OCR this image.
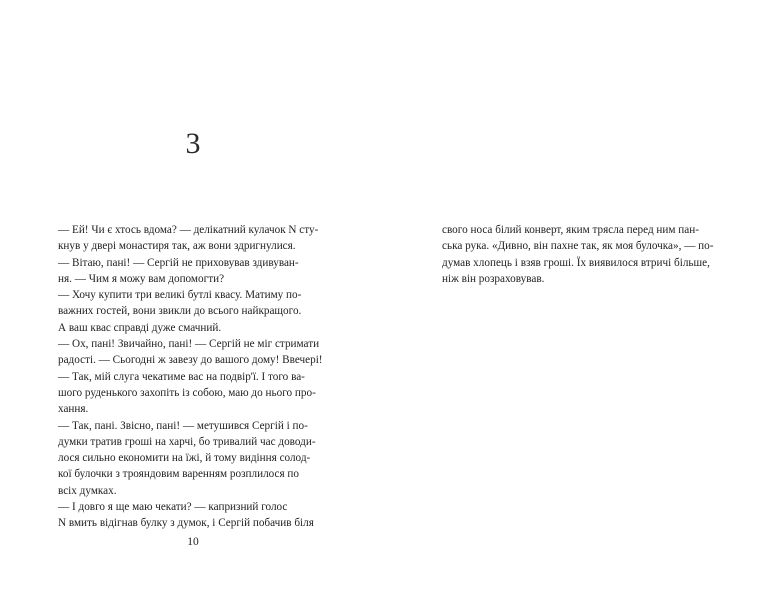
3

— Ей! Чи є хтось вдома? — делікатний кулачок N сту-

кнув у двері монастиря так, аж вони здригнулися.

— Вітаю, пані! — Сергій не приховував здивуван-

ня. — Чим я можу вам допомогти?

— Хочу купити три великі бутлі квасу. Матиму по-

важних гостей, вони звикли до всього найкращого.

А ваш квас справді дуже смачний.

— Ох, пані! Звичайно, пані! — Сергій не міг стримати

радості. — Сьогодні ж завезу до вашого дому! Ввечері!

— Так, мій слуга чекатиме вас на подвір'ї. І того ва-

шого руденького захопіть із собою, маю до нього про-

хання.

— Так, пані. Звісно, пані! — метушився Сергій і по-

думки тратив гроші на харчі, бо тривалий час доводи-

лося сильно економити на їжі, й тому видіння солод-

кої булочки з трояндовим варенням розплилося по

всіх думках.

— І довго я ще маю чекати? — капризний голос

N вмить відігнав булку з думок, і Сергій побачив біля

10

свого носа білий конверт, яким трясла перед ним пан-

ська рука. «Дивно, він пахне так, як моя булочка», — по-

думав хлопець і взяв гроші. Їх виявилося втричі більше,

ніж він розраховував.
